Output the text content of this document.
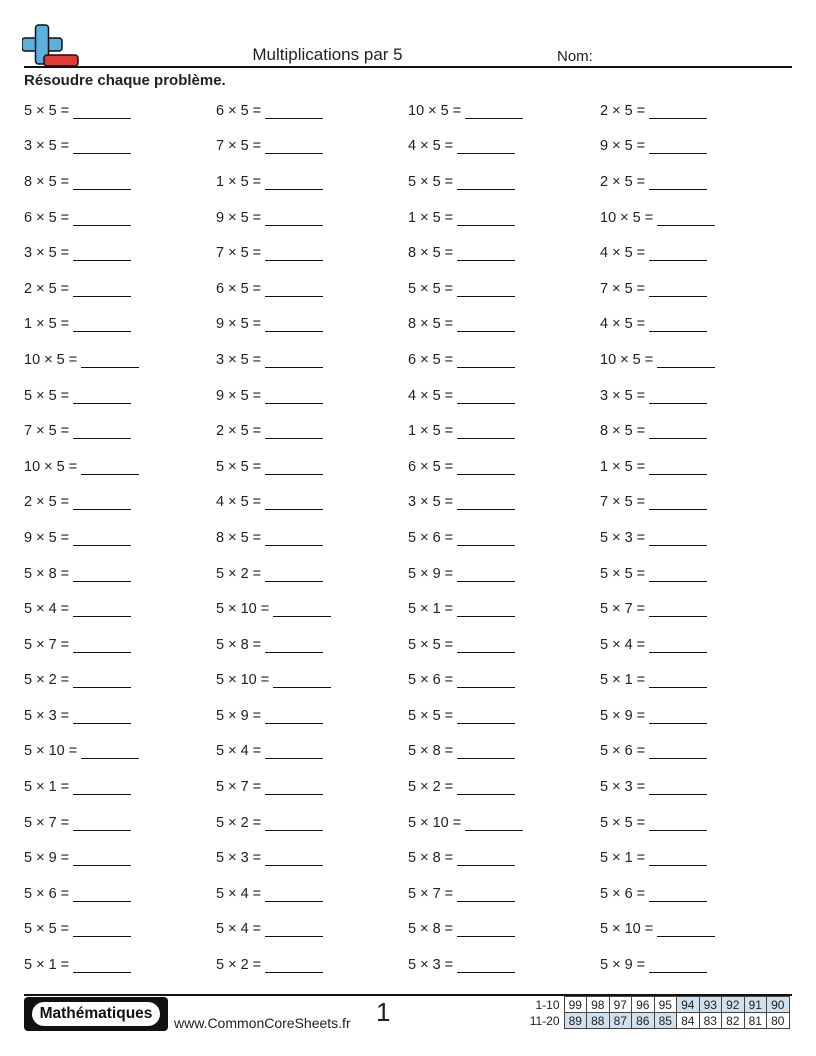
Multiplications par 5	Nom:
Résoudre chaque problème.
5 × 5 =	6 × 5 =	10 × 5 =	2 × 5 =
3 × 5 =	7 × 5 =	4 × 5 =	9 × 5 =
8 × 5 =	1 × 5 =	5 × 5 =	2 × 5 =
6 × 5 =	9 × 5 =	1 × 5 =	10 × 5 =
3 × 5 =	7 × 5 =	8 × 5 =	4 × 5 =
2 × 5 =	6 × 5 =	5 × 5 =	7 × 5 =
1 × 5 =	9 × 5 =	8 × 5 =	4 × 5 =
10 × 5 =	3 × 5 =	6 × 5 =	10 × 5 =
5 × 5 =	9 × 5 =	4 × 5 =	3 × 5 =
7 × 5 =	2 × 5 =	1 × 5 =	8 × 5 =
10 × 5 =	5 × 5 =	6 × 5 =	1 × 5 =
2 × 5 =	4 × 5 =	3 × 5 =	7 × 5 =
9 × 5 =	8 × 5 =	5 × 6 =	5 × 3 =
5 × 8 =	5 × 2 =	5 × 9 =	5 × 5 =
5 × 4 =	5 × 10 =	5 × 1 =	5 × 7 =
5 × 7 =	5 × 8 =	5 × 5 =	5 × 4 =
5 × 2 =	5 × 10 =	5 × 6 =	5 × 1 =
5 × 3 =	5 × 9 =	5 × 5 =	5 × 9 =
5 × 10 =	5 × 4 =	5 × 8 =	5 × 6 =
5 × 1 =	5 × 7 =	5 × 2 =	5 × 3 =
5 × 7 =	5 × 2 =	5 × 10 =	5 × 5 =
5 × 9 =	5 × 3 =	5 × 8 =	5 × 1 =
5 × 6 =	5 × 4 =	5 × 7 =	5 × 6 =
5 × 5 =	5 × 4 =	5 × 8 =	5 × 10 =
5 × 1 =	5 × 2 =	5 × 3 =	5 × 9 =
Mathématiques
www.CommonCoreSheets.fr 1	1-10	99	98	97	96	95	94	93	92	91	90
11-20	89	88	87	86	85	84	83	82	81	80
